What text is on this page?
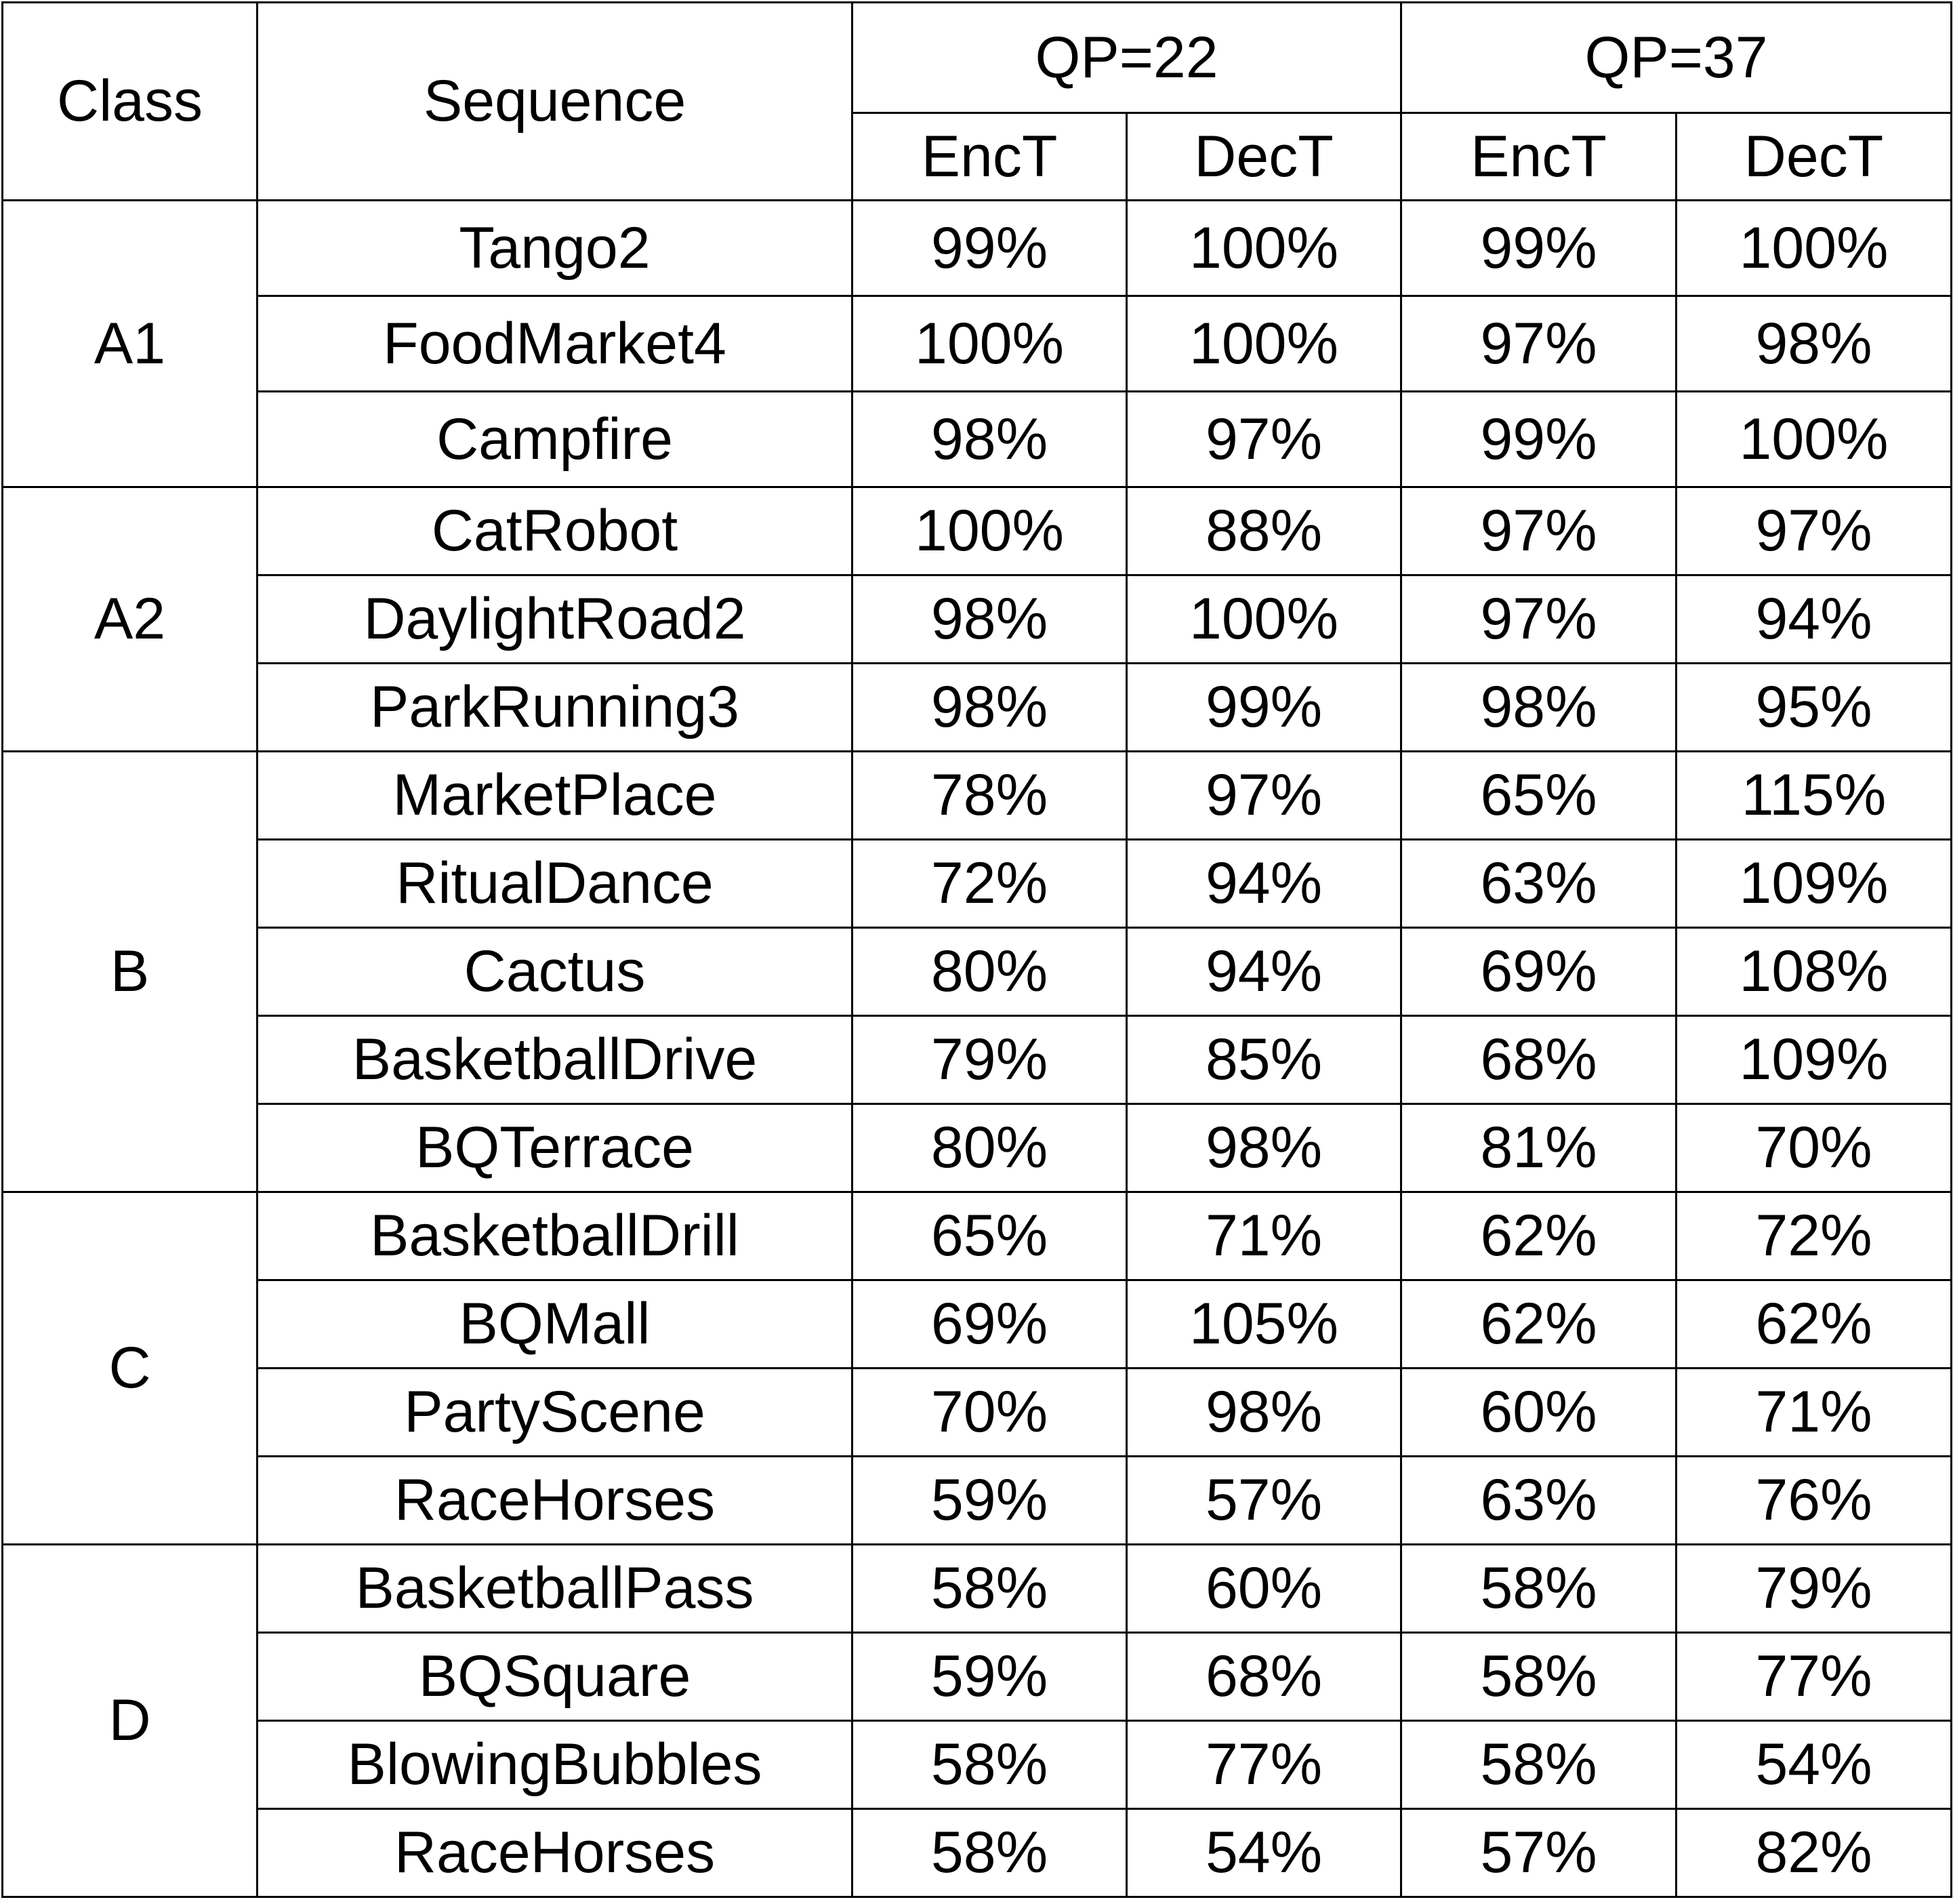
Class	Sequence	QP=22		QP=37	
		EncT	DecT	EncT	DecT
A1	Tango2	99%	100%	99%	100%
	FoodMarket4	100%	100%	97%	98%
	Campfire	98%	97%	99%	100%
A2	CatRobot	100%	88%	97%	97%
	DaylightRoad2	98%	100%	97%	94%
	ParkRunning3	98%	99%	98%	95%
B	MarketPlace	78%	97%	65%	115%
	RitualDance	72%	94%	63%	109%
	Cactus	80%	94%	69%	108%
	BasketballDrive	79%	85%	68%	109%
	BQTerrace	80%	98%	81%	70%
C	BasketballDrill	65%	71%	62%	72%
	BQMall	69%	105%	62%	62%
	PartyScene	70%	98%	60%	71%
	RaceHorses	59%	57%	63%	76%
D	BasketballPass	58%	60%	58%	79%
	BQSquare	59%	68%	58%	77%
	BlowingBubbles	58%	77%	58%	54%
	RaceHorses	58%	54%	57%	82%
